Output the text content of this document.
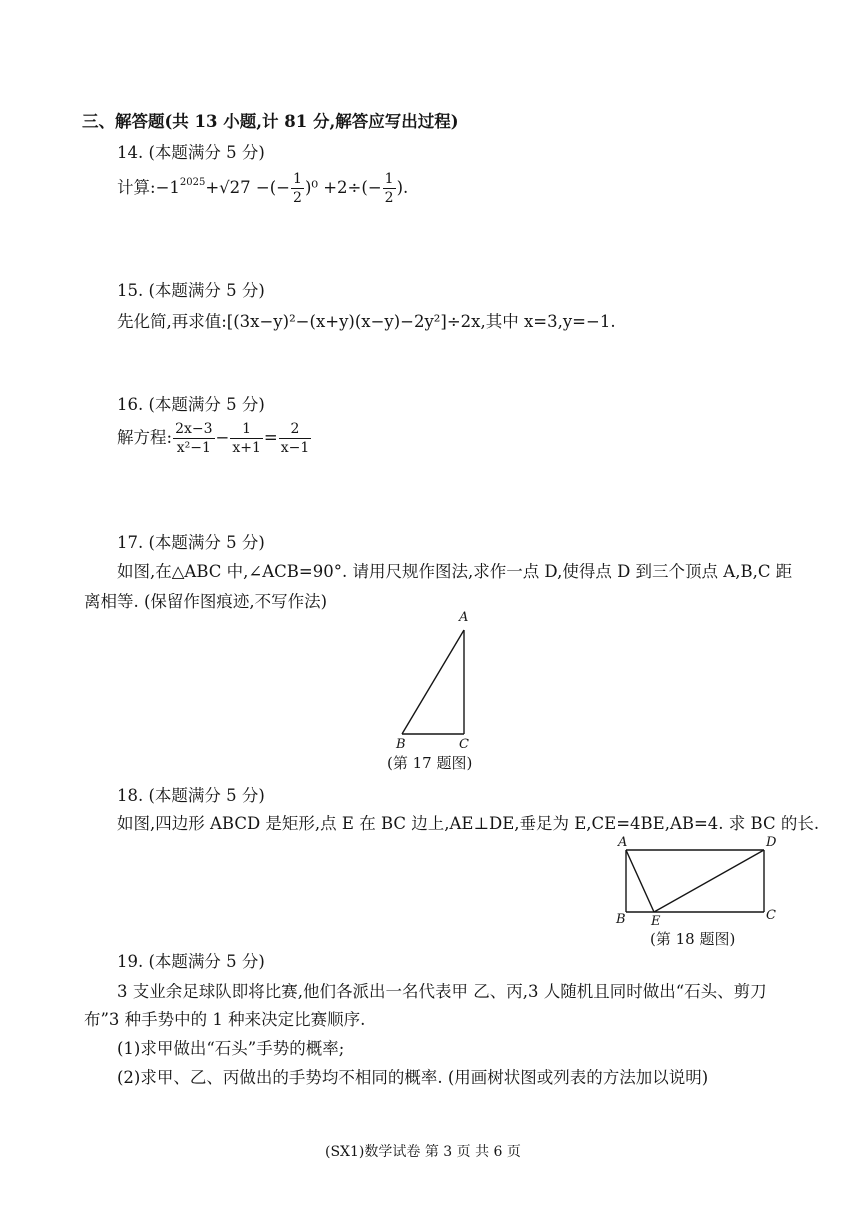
三、解答题(共 13 小题,计 81 分,解答应写出过程)
14. (本题满分 5 分)
计算$:-1^{2025}+√27$ −(− $\frac{1}{2} )^0 +2\div(- \frac{1}{2}$ ).
15. (本题满分 5 分)
先化简,再求值:[(3x−y)²−(x+y)(x−y)−2y²]÷2x,其中 x=3,y=−1.
16. (本题满分 5 分)
解方程: $\frac{2x-3}{\text{x²−1}} - \frac{1}{x+1} = \frac{2}{x-1}$
17. (本题满分 5 分)
如图,在△ABC 中,∠ACB=90°. 请用尺规作图法,求作一点 D,使得点 D 到三个顶点 A,B,C 距
离相等. (保留作图痕迹,不写作法)
A
B	C
(第 17 题图)
18. (本题满分 5 分)
如图,四边形 ABCD 是矩形,点 E 在 BC 边上,AE⊥DE,垂足为 E,CE=4BE,AB=4. 求 BC 的长.
A	D
B E	C
(第 18 题图)
19. (本题满分 5 分)
3 支业余足球队即将比赛,他们各派出一名代表甲 乙、丙,3 人随机且同时做出“石头、剪刀
布”3 种手势中的 1 种来决定比赛顺序.
(1)求甲做出“石头”手势的概率;
(2)求甲、乙、丙做出的手势均不相同的概率. (用画树状图或列表的方法加以说明)
(SX1)数学试卷 第 3 页 共 6 页
